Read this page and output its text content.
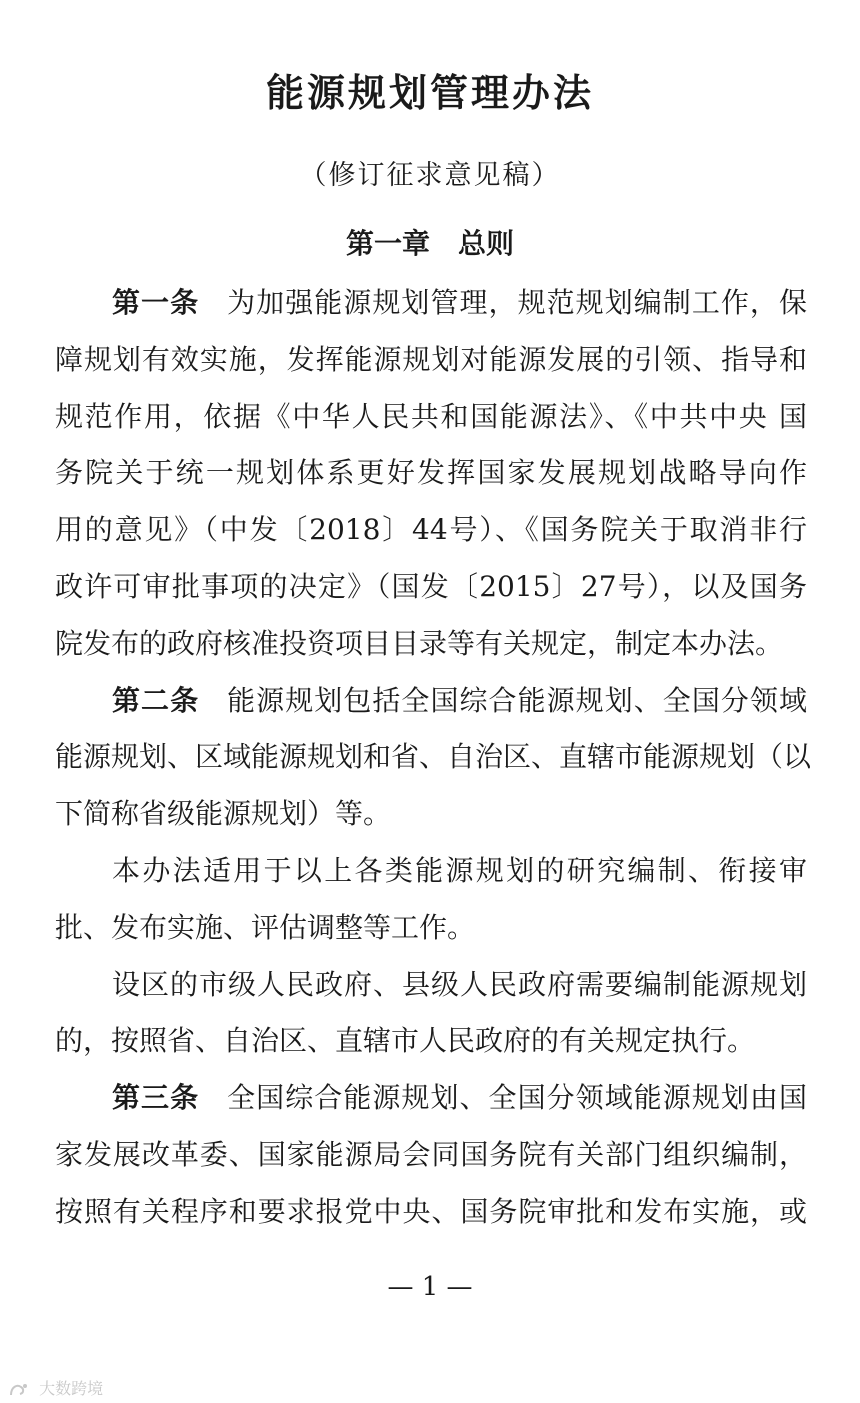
能源规划管理办法
（修订征求意见稿）
第一章　总则
第一条 为加强能源规划管理，规范规划编制工作，保
障规划有效实施，发挥能源规划对能源发展的引领、指导和
规范作用，依据《中华人民共和国能源法》、《中共中央 国
务院关于统一规划体系更好发挥国家发展规划战略导向作
用的意见》（中发〔2018〕44号）、《国务院关于取消非行
政许可审批事项的决定》（国发〔2015〕27号），以及国务
院发布的政府核准投资项目目录等有关规定，制定本办法。
第二条 能源规划包括全国综合能源规划、全国分领域
能源规划、区域能源规划和省、自治区、直辖市能源规划（以
下简称省级能源规划）等。
本办法适用于以上各类能源规划的研究编制、衔接审
批、发布实施、评估调整等工作。
设区的市级人民政府、县级人民政府需要编制能源规划
的，按照省、自治区、直辖市人民政府的有关规定执行。
第三条 全国综合能源规划、全国分领域能源规划由国
家发展改革委、国家能源局会同国务院有关部门组织编制，
按照有关程序和要求报党中央、国务院审批和发布实施，或
— 1 —
大数跨境
